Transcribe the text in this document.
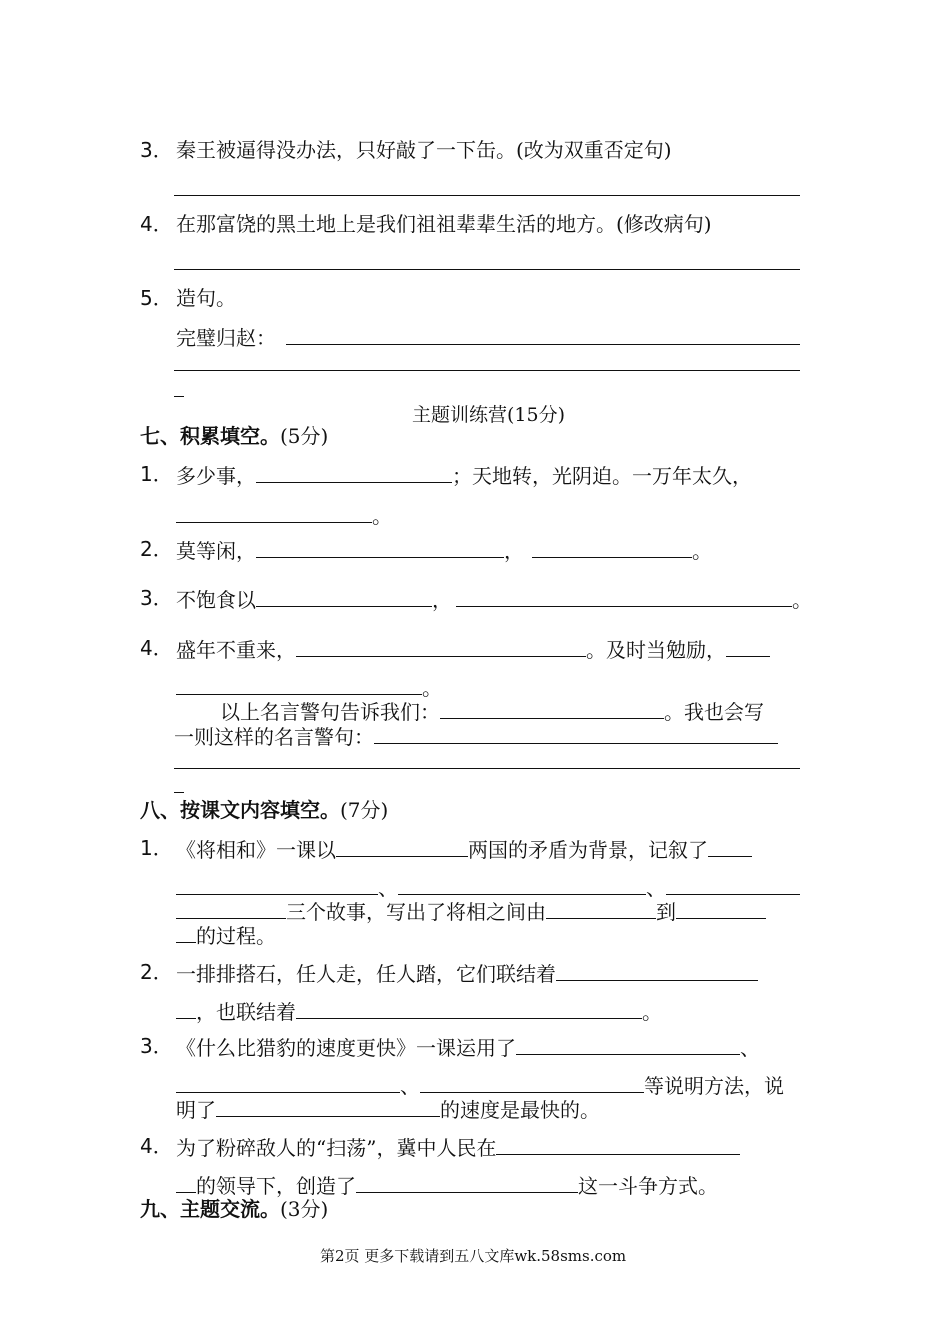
3． 秦王被逼得没办法，只好敲了一下缶。(改为双重否定句)
4． 在那富饶的黑土地上是我们祖祖辈辈生活的地方。(修改病句)
5． 造句。
完璧归赵：
主题训练营(15分)
七、积累填空。(5分)
1． 多少事，	；天地转，光阴迫。一万年太久，
。
2． 莫等闲，	，	。
3． 不饱食以	，	。
4． 盛年不重来，	。及时当勉励，
。
以上名言警句告诉我们：	。我也会写
一则这样的名言警句：
八、按课文内容填空。(7分)
1． 《将相和》一课以	两国的矛盾为背景，记叙了
、	、
三个故事，写出了将相之间由	到
的过程。
2． 一排排搭石，任人走，任人踏，它们联结着
，也联结着	。
3． 《什么比猎豹的速度更快》一课运用了	、
、	等说明方法，说
明了	的速度是最快的。
4． 为了粉碎敌人的“扫荡”，冀中人民在
的领导下，创造了	这一斗争方式。
九、主题交流。(3分)
第2页 更多下载请到五八文库wk.58sms.com
